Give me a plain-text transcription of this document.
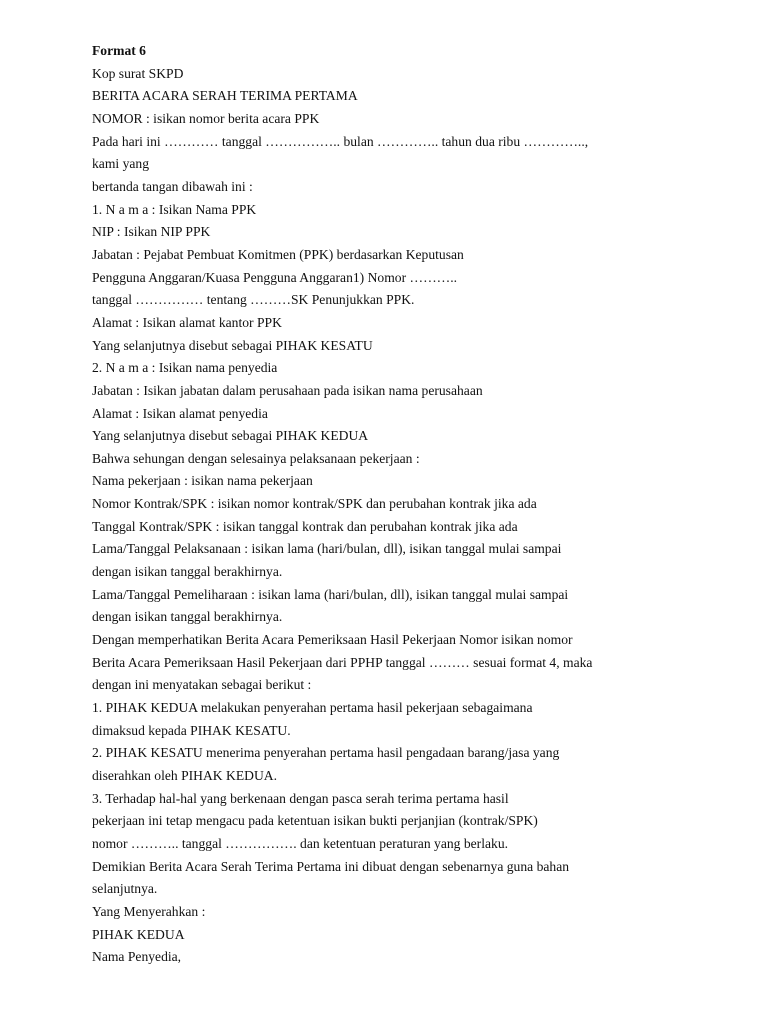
Format 6
Kop surat SKPD
BERITA ACARA SERAH TERIMA PERTAMA
NOMOR : isikan nomor berita acara PPK
Pada hari ini ………… tanggal …………….. bulan ………….. tahun dua ribu …………..,
kami yang
bertanda tangan dibawah ini :
1. N a m a : Isikan Nama PPK
NIP : Isikan NIP PPK
Jabatan : Pejabat Pembuat Komitmen (PPK) berdasarkan Keputusan
Pengguna Anggaran/Kuasa Pengguna Anggaran1) Nomor ………..
tanggal …………… tentang ………SK Penunjukkan PPK.
Alamat : Isikan alamat kantor PPK
Yang selanjutnya disebut sebagai PIHAK KESATU
2. N a m a : Isikan nama penyedia
Jabatan : Isikan jabatan dalam perusahaan pada isikan nama perusahaan
Alamat : Isikan alamat penyedia
Yang selanjutnya disebut sebagai PIHAK KEDUA
Bahwa sehungan dengan selesainya pelaksanaan pekerjaan :
Nama pekerjaan : isikan nama pekerjaan
Nomor Kontrak/SPK : isikan nomor kontrak/SPK dan perubahan kontrak jika ada
Tanggal Kontrak/SPK : isikan tanggal kontrak dan perubahan kontrak jika ada
Lama/Tanggal Pelaksanaan : isikan lama (hari/bulan, dll), isikan tanggal mulai sampai
dengan isikan tanggal berakhirnya.
Lama/Tanggal Pemeliharaan : isikan lama (hari/bulan, dll), isikan tanggal mulai sampai
dengan isikan tanggal berakhirnya.
Dengan memperhatikan Berita Acara Pemeriksaan Hasil Pekerjaan Nomor isikan nomor
Berita Acara Pemeriksaan Hasil Pekerjaan dari PPHP tanggal ……… sesuai format 4, maka
dengan ini menyatakan sebagai berikut :
1. PIHAK KEDUA melakukan penyerahan pertama hasil pekerjaan sebagaimana
dimaksud kepada PIHAK KESATU.
2. PIHAK KESATU menerima penyerahan pertama hasil pengadaan barang/jasa yang
diserahkan oleh PIHAK KEDUA.
3. Terhadap hal-hal yang berkenaan dengan pasca serah terima pertama hasil
pekerjaan ini tetap mengacu pada ketentuan isikan bukti perjanjian (kontrak/SPK)
nomor ……….. tanggal ……………. dan ketentuan peraturan yang berlaku.
Demikian Berita Acara Serah Terima Pertama ini dibuat dengan sebenarnya guna bahan
selanjutnya.
Yang Menyerahkan :
PIHAK KEDUA
Nama Penyedia,
